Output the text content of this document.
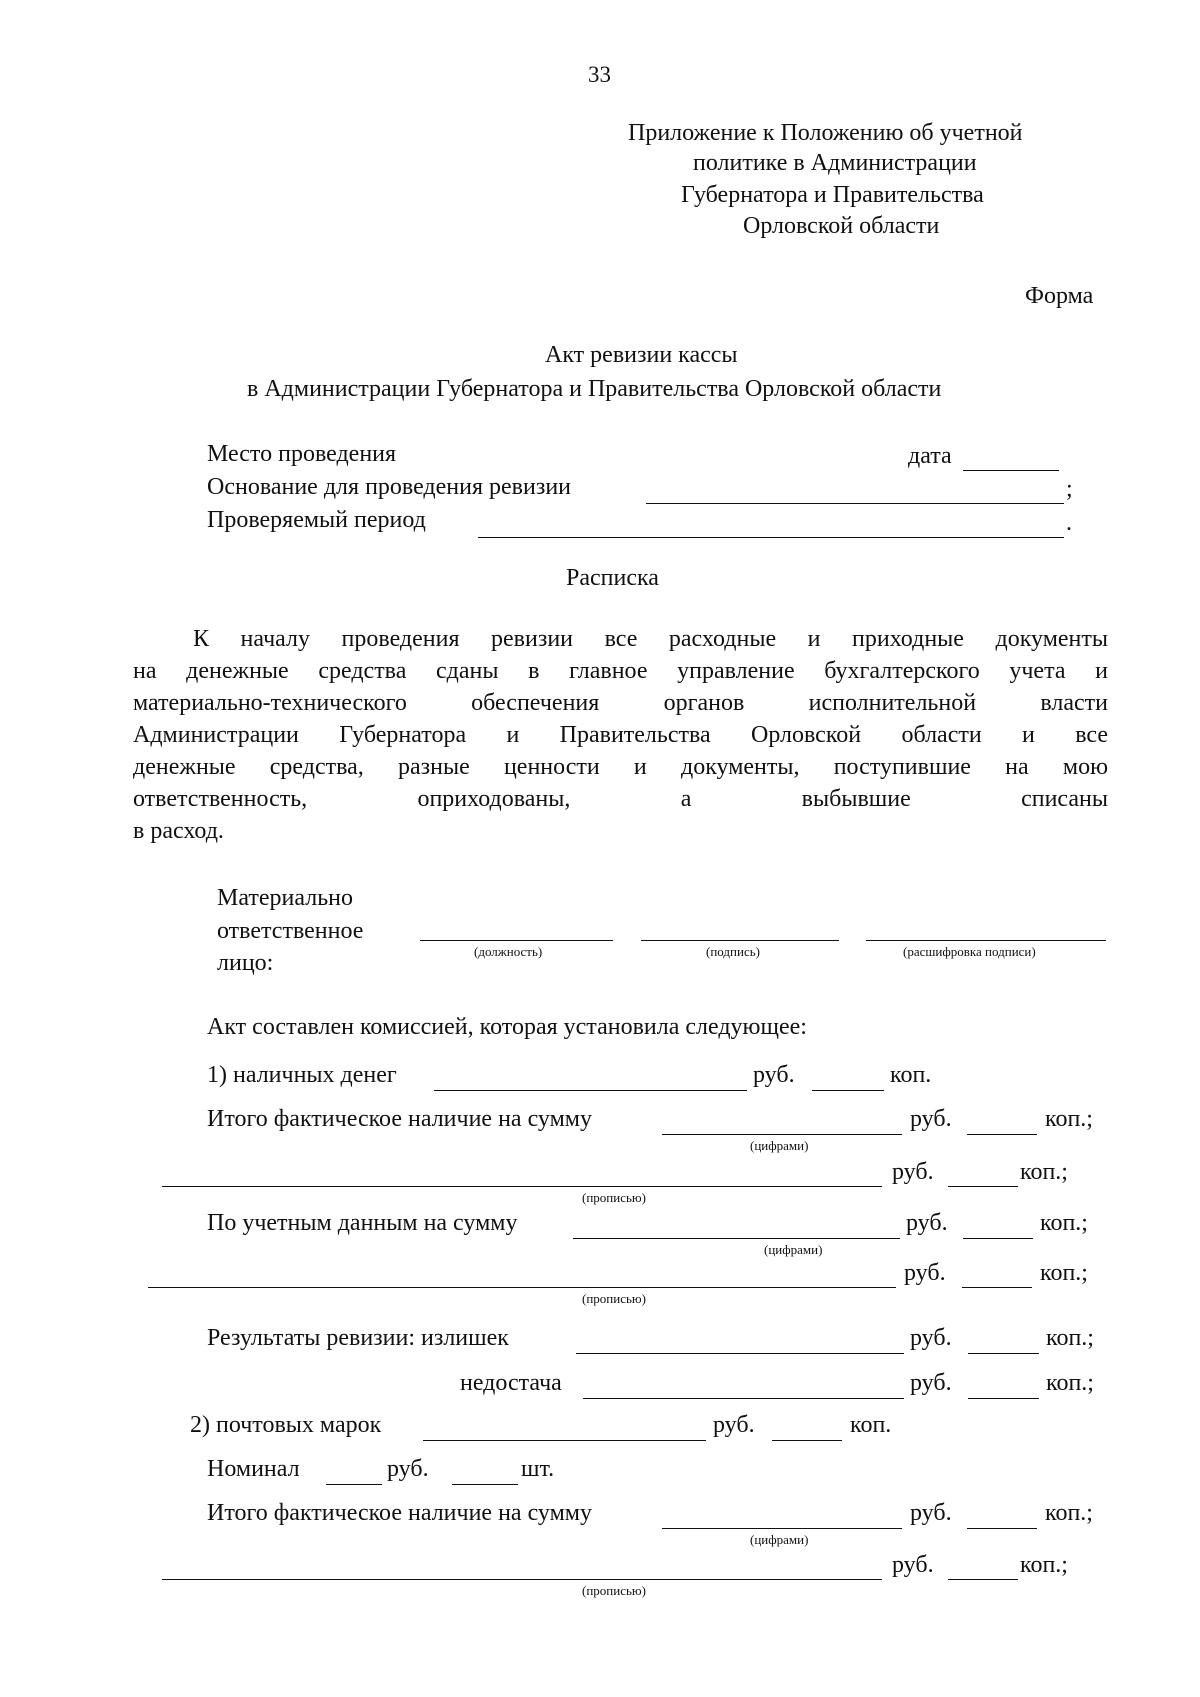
33
Приложение к Положению об учетной
политике в Администрации
Губернатора и Правительства
Орловской области
Форма
Акт ревизии кассы
в Администрации Губернатора и Правительства Орловской области
Место проведения	дата
Основание для проведения ревизии	;
Проверяемый период	.
Расписка
К началу проведения ревизии все расходные и приходные документы
на денежные средства сданы в главное управление бухгалтерского учета и
материально-технического обеспечения органов исполнительной власти
Администрации Губернатора и Правительства Орловской области и все
денежные средства, разные ценности и документы, поступившие на мою
ответственность, оприходованы, а выбывшие списаны
в расход.
Материально
ответственное
лицо:	(должность)	(подпись)	(расшифровка подписи)
Акт составлен комиссией, которая установила следующее:
1) наличных денег	руб.	коп.
Итого фактическое наличие на сумму
(цифрами)
руб.	коп.;
(прописью)
руб.	коп.;
По учетным данным на сумму
(цифрами)
руб.	коп.;
(прописью)
руб.	коп.;
Результаты ревизии: излишек	руб.	коп.;
недостача	руб.	коп.;
2) почтовых марок	руб.	коп.
Номинал	руб.	шт.
Итого фактическое наличие на сумму
(цифрами)
руб.	коп.;
(прописью)
руб.	коп.;
